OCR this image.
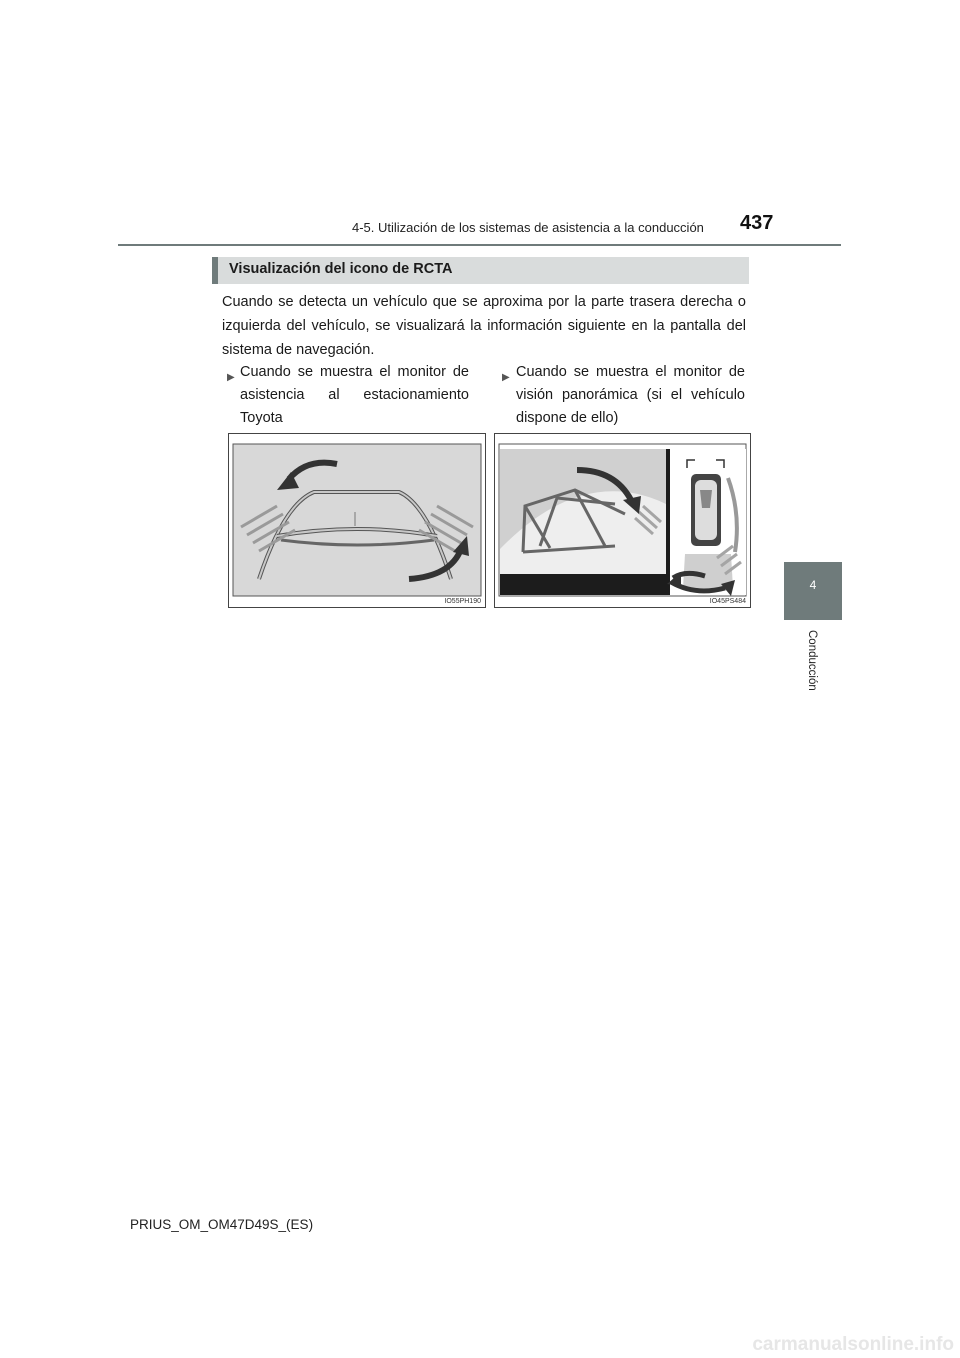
4-5. Utilización de los sistemas de asistencia a la conducción 437
4
Conducción
Visualización del icono de RCTA
Cuando se detecta un vehículo que se aproxima por la parte trasera derecha o izquierda del vehículo, se visualizará la información siguiente en la pantalla del sistema de navegación.
▶ Cuando se muestra el monitor de asistencia al estacionamiento Toyota
▶ Cuando se muestra el monitor de visión panorámica (si el vehículo dispone de ello)
IO55PH190	IO45PS484
PRIUS_OM_OM47D49S_(ES)
carmanualsonline.info
